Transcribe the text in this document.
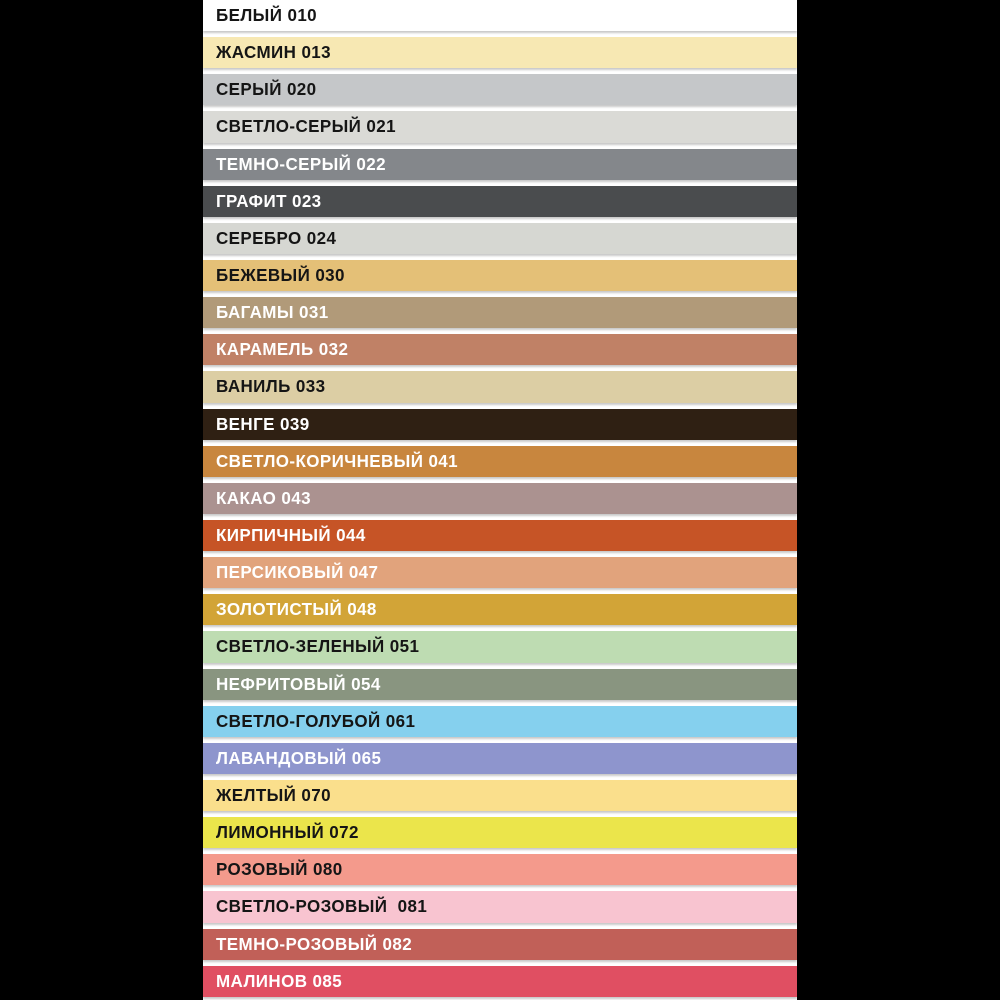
БЕЛЫЙ 010
ЖАСМИН 013
СЕРЫЙ 020
СВЕТЛО-СЕРЫЙ 021
ТЕМНО-СЕРЫЙ 022
ГРАФИТ 023
СЕРЕБРО 024
БЕЖЕВЫЙ 030
БАГАМЫ 031
КАРАМЕЛЬ 032
ВАНИЛЬ 033
ВЕНГЕ 039
СВЕТЛО-КОРИЧНЕВЫЙ 041
КАКАО 043
КИРПИЧНЫЙ 044
ПЕРСИКОВЫЙ 047
ЗОЛОТИСТЫЙ 048
СВЕТЛО-ЗЕЛЕНЫЙ 051
НЕФРИТОВЫЙ 054
СВЕТЛО-ГОЛУБОЙ 061
ЛАВАНДОВЫЙ 065
ЖЕЛТЫЙ 070
ЛИМОННЫЙ 072
РОЗОВЫЙ 080
СВЕТЛО-РОЗОВЫЙ  081
ТЕМНО-РОЗОВЫЙ 082
МАЛИНОВ 085
